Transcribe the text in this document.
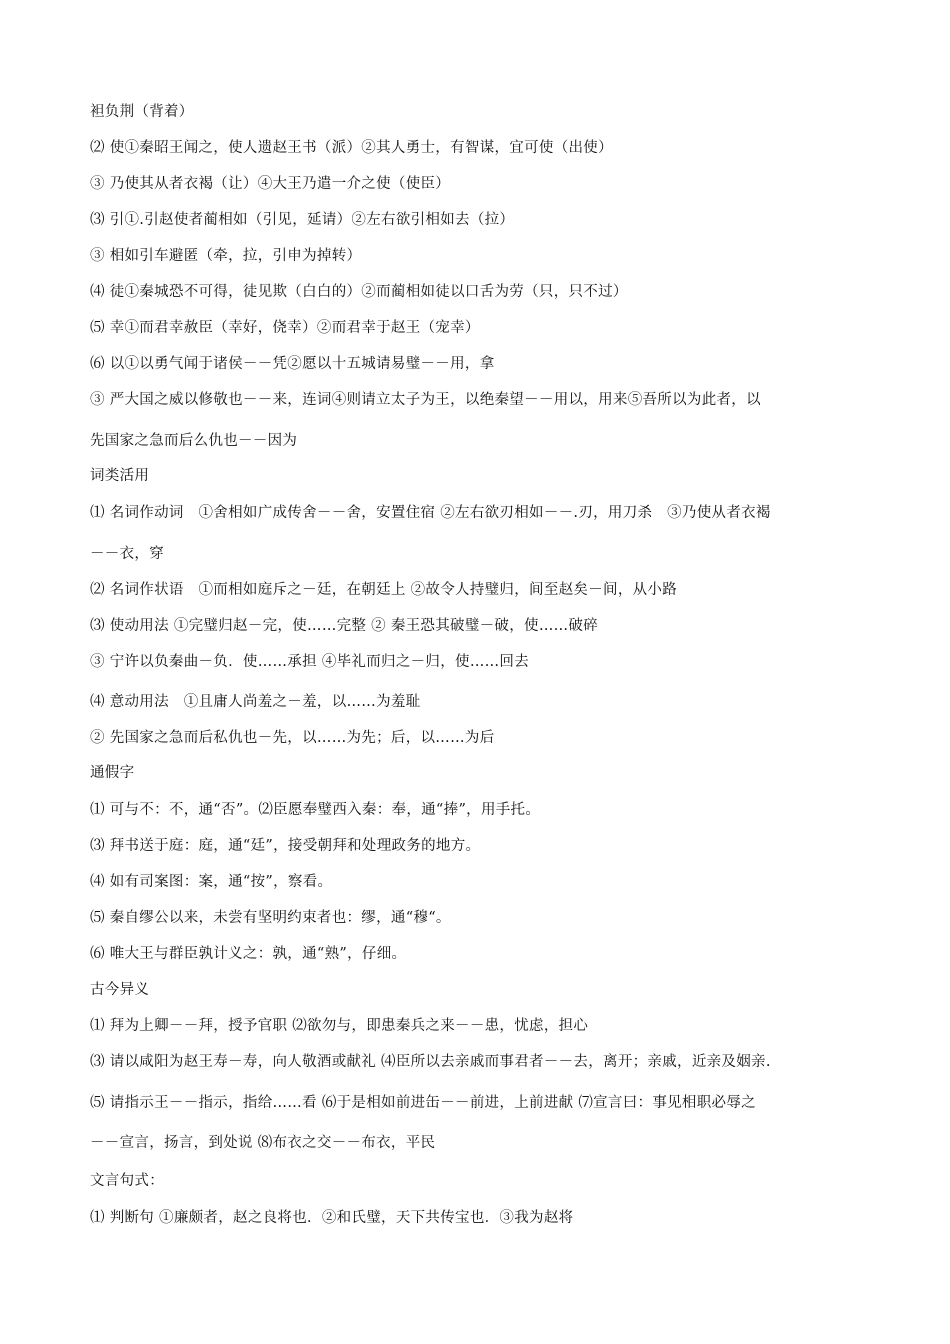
袒负荆（背着）
⑵ 使①秦昭王闻之，使人遗赵王书（派）②其人勇士，有智谋，宜可使（出使）
③ 乃使其从者衣褐（让）④大王乃遣一介之使（使臣）
⑶ 引①.引赵使者蔺相如（引见，延请）②左右欲引相如去（拉）
③ 相如引车避匿（牵，拉，引申为掉转）
⑷ 徒①秦城恐不可得，徒见欺（白白的）②而蔺相如徒以口舌为劳（只，只不过）
⑸ 幸①而君幸赦臣（幸好，侥幸）②而君幸于赵王（宠幸）
⑹ 以①以勇气闻于诸侯－－凭②愿以十五城请易璧－－用，拿
③ 严大国之威以修敬也－－来，连词④则请立太子为王，以绝秦望－－用以，用来⑤吾所以为此者，以
先国家之急而后么仇也－－因为
词类活用
⑴ 名词作动词　①舍相如广成传舍－－舍，安置住宿 ②左右欲刃相如－－.刃，用刀杀　③乃使从者衣褐
－－衣，穿
⑵ 名词作状语　①而相如庭斥之－廷，在朝廷上 ②故令人持璧归，间至赵矣－间，从小路
⑶ 使动用法 ①完璧归赵－完，使……完整 ② 秦王恐其破璧－破，使……破碎
③ 宁许以负秦曲－负．使……承担 ④毕礼而归之－归，使……回去
⑷ 意动用法　①且庸人尚羞之－羞，以……为羞耻
② 先国家之急而后私仇也－先，以……为先；后，以……为后
通假字
⑴ 可与不：不，通“否”。⑵臣愿奉璧西入秦：奉，通“捧”，用手托。
⑶ 拜书送于庭：庭，通“廷”，接受朝拜和处理政务的地方。
⑷ 如有司案图：案，通“按”，察看。
⑸ 秦自缪公以来，未尝有坚明约束者也：缪，通“穆“。
⑹ 唯大王与群臣孰计义之：孰，通“熟”，仔细。
古今异义
⑴ 拜为上卿－－拜，授予官职 ⑵欲勿与，即患秦兵之来－－患，忧虑，担心
⑶ 请以咸阳为赵王寿－寿，向人敬酒或献礼 ⑷臣所以去亲戚而事君者－－去，离开；亲戚，近亲及姻亲.
⑸ 请指示王－－指示，指给……看 ⑹于是相如前进缶－－前进，上前进献 ⑺宣言曰：事见相职必辱之
－－宣言，扬言，到处说 ⑻布衣之交－－布衣，平民
文言句式：
⑴ 判断句 ①廉颇者，赵之良将也．②和氏璧，天下共传宝也．③我为赵将
